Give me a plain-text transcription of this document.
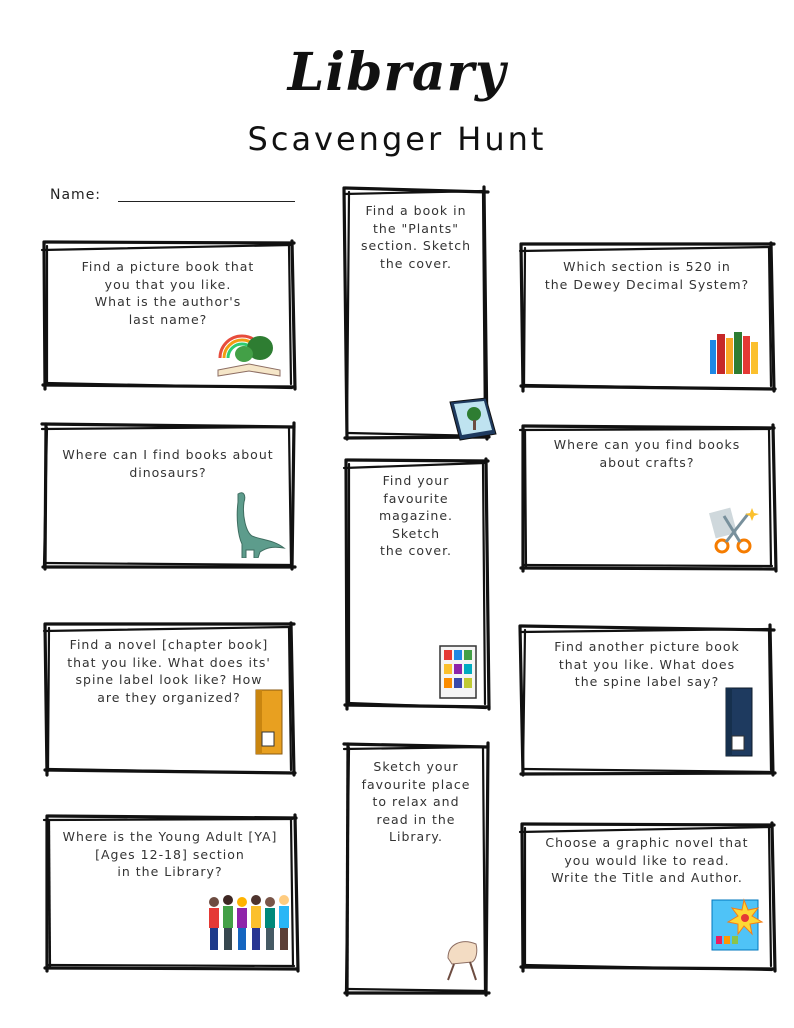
Library
Scavenger Hunt
Name:
Find a picture book that
you that you like.
What is the author's
last name?
Where can I find books about
dinosaurs?
Find a novel [chapter book]
that you like. What does its'
spine label look like? How
are they organized?
Where is the Young Adult [YA]
[Ages 12-18] section
in the Library?
Find a book in
the "Plants"
section. Sketch
the cover.
Find your
favourite
magazine.
Sketch
the cover.
Sketch your
favourite place
to relax and
read in the
Library.
Which section is 520 in
the Dewey Decimal System?
Where can you find books
about crafts?
Find another picture book
that you like. What does
the spine label say?
Choose a graphic novel that
you would like to read.
Write the Title and Author.
